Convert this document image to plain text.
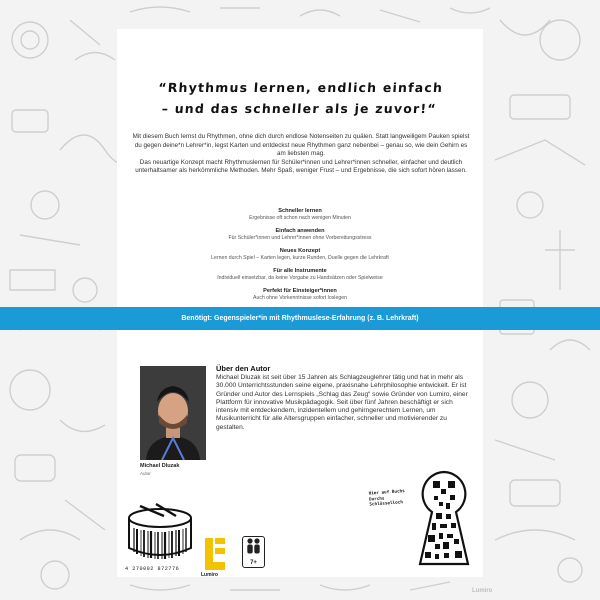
“Rhythmus lernen, endlich einfach
– und das schneller als je zuvor!“
Mit diesem Buch lernst du Rhythmen, ohne dich durch endlose Notenseiten zu quälen. Statt langweiligem Pauken spielst du gegen deine*n Lehrer*in, legst Karten und entdeckst neue Rhythmen ganz nebenbei – genau so, wie dein Gehirn es am liebsten mag.
Das neuartige Konzept macht Rhythmuslernen für Schüler*innen und Lehrer*innen schneller, einfacher und deutlich unterhaltsamer als herkömmliche Methoden. Mehr Spaß, weniger Frust – und Ergebnisse, die sich sofort hören lassen.
Schneller lernen
Ergebnisse oft schon nach wenigen Minuten
Einfach anwenden
Für Schüler*innen und Lehrer*innen ohne Vorbereitungsstress
Neues Konzept
Lernen durch Spiel – Karten legen, kurze Runden, Duelle gegen die Lehrkraft
Für alle Instrumente
Individuell einsetzbar, da keine Vorgabe zu Handsätzen oder Spielweise
Perfekt für Einsteiger*innen
Auch ohne Vorkenntnisse sofort loslegen
Benötigt: Gegenspieler*in mit Rhythmuslese-Erfahrung (z. B. Lehrkraft)
Michael Dluzak
Autor
Über den Autor
Michael Dluzak ist seit über 15 Jahren als Schlagzeuglehrer tätig und hat in mehr als 30.000 Unterrichtsstunden seine eigene, praxisnahe Lehrphilosophie entwickelt. Er ist Gründer und Autor des Lernspiels „Schlag das Zeug“ sowie Gründer von Lumiro, einer Plattform für innovative Musikpädagogik. Seit über fünf Jahren beschäftigt er sich intensiv mit entdeckendem, inzidentellem und gehirngerechtem Lernen, um Musikunterricht für alle Altersgruppen einfacher, schneller und motivierender zu gestalten.
4 270002 872776
Lumiro
7+
Hier auf Buchs Durchs Schlüsselloch
Lumiro
